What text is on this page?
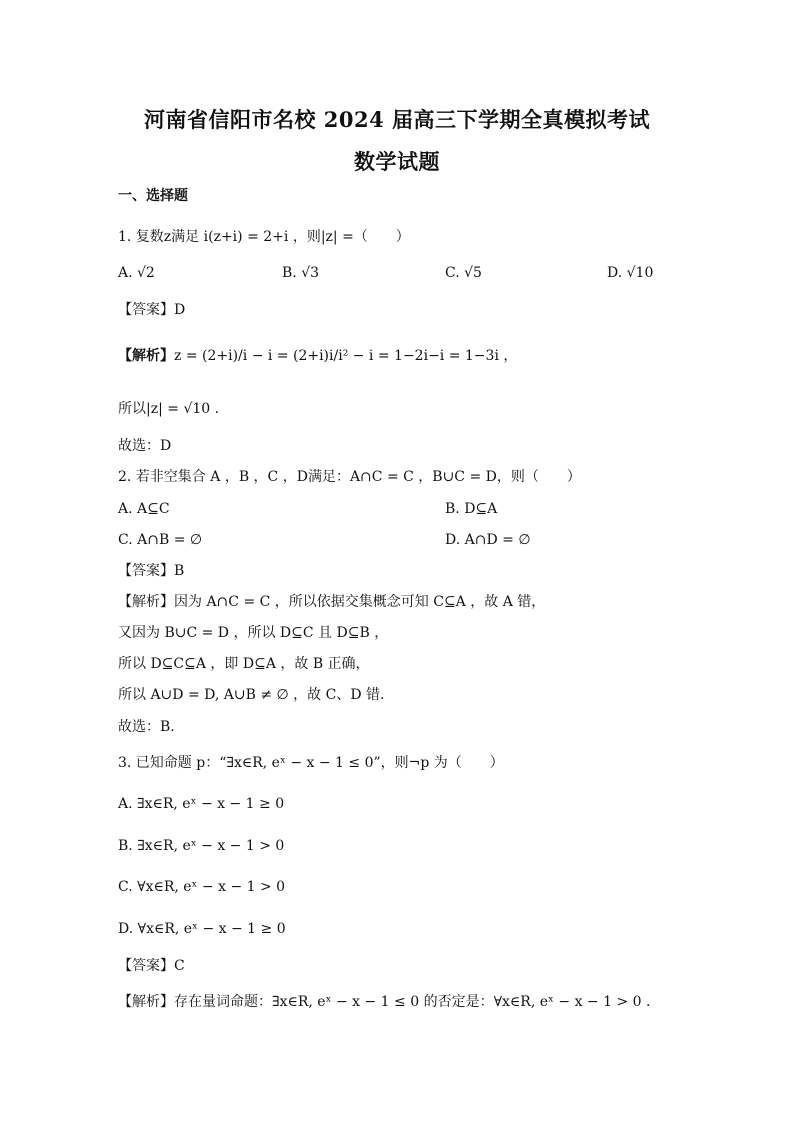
河南省信阳市名校 2024 届高三下学期全真模拟考试
数学试题
一、选择题
1. 复数z满足 i(z+i) = 2+i ，则|z| =（　　）
A. √2	B. √3	C. √5	D. √10
【答案】D
【解析】z = (2+i)/i − i = (2+i)i/i² − i = 1−2i−i = 1−3i ，
所以|z| = √10 .
故选：D
2. 若非空集合 A ，B ，C ，D满足：A∩C = C ，B∪C = D，则（　　）
A. A⊆C	B. D⊆A
C. A∩B = ∅	D. A∩D = ∅
【答案】B
【解析】因为 A∩C = C ，所以依据交集概念可知 C⊆A ，故 A 错，
又因为 B∪C = D ，所以 D⊆C 且 D⊆B ，
所以 D⊆C⊆A ，即 D⊆A ，故 B 正确，
所以 A∪D = D, A∪B ≠ ∅ ，故 C、D 错.
故选：B.
3. 已知命题 p：“∃x∈R, eˣ − x − 1 ≤ 0”，则¬p 为（　　）
A. ∃x∈R, eˣ − x − 1 ≥ 0
B. ∃x∈R, eˣ − x − 1 > 0
C. ∀x∈R, eˣ − x − 1 > 0
D. ∀x∈R, eˣ − x − 1 ≥ 0
【答案】C
【解析】存在量词命题：∃x∈R, eˣ − x − 1 ≤ 0 的否定是：∀x∈R, eˣ − x − 1 > 0 .
